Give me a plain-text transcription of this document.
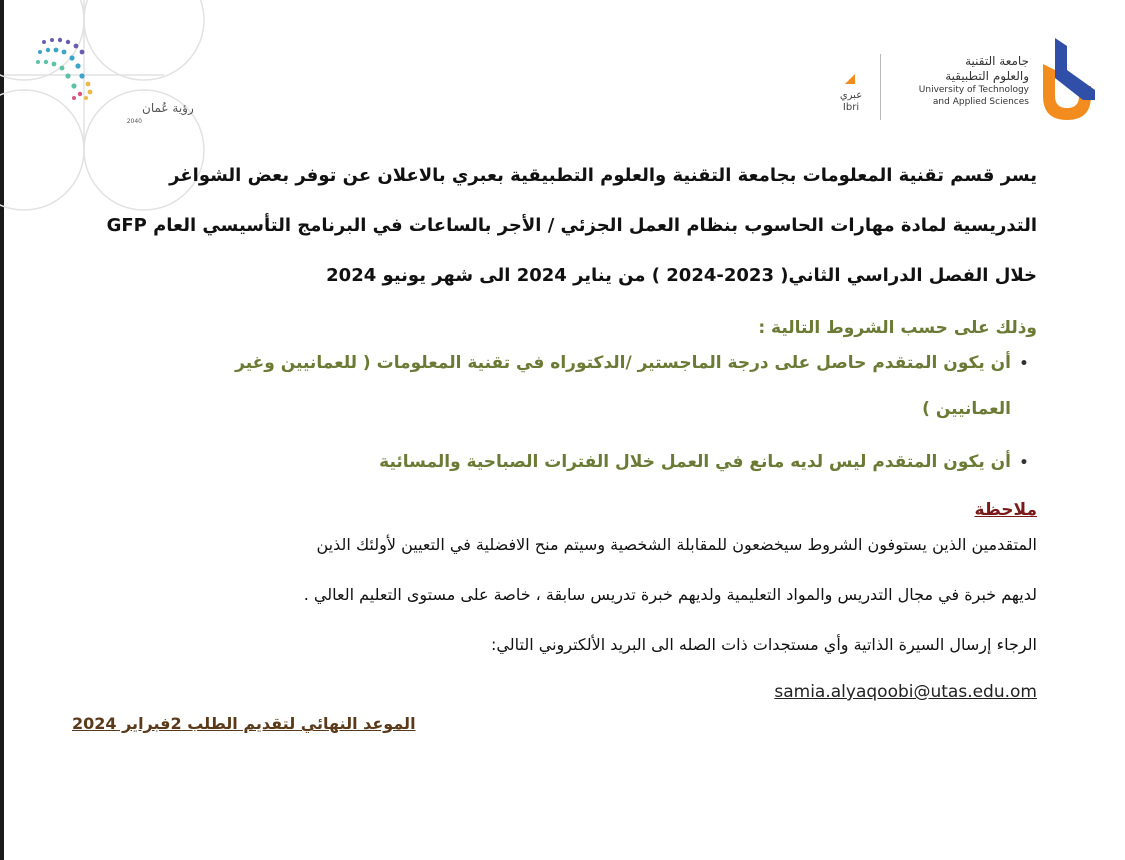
رؤية عُمان
2040
جامعة التقنية
والعلوم التطبيقية
University of Technology
and Applied Sciences
عبري
Ibri
يسر قسم تقنية المعلومات بجامعة التقنية والعلوم التطبيقية بعبري بالاعلان عن توفر بعض الشواغر
التدريسية لمادة مهارات الحاسوب بنظام العمل الجزئي / الأجر بالساعات في البرنامج التأسيسي العام GFP
خلال الفصل الدراسي الثاني( 2023-2024 ) من يناير 2024 الى شهر يونيو 2024
وذلك على حسب الشروط التالية :
•أن يكون المتقدم حاصل على درجة الماجستير /الدكتوراه في تقنية المعلومات ( للعمانيين وغير
العمانيين )
•أن يكون المتقدم ليس لديه مانع في العمل خلال الفترات الصباحية والمسائية
ملاحظة
المتقدمين الذين يستوفون الشروط سيخضعون للمقابلة الشخصية وسيتم منح الافضلية في التعيين لأولئك الذين
لديهم خبرة في مجال التدريس والمواد التعليمية ولديهم خبرة تدريس سابقة ، خاصة على مستوى التعليم العالي .
الرجاء إرسال السيرة الذاتية وأي مستجدات ذات الصله الى البريد الألكتروني التالي:
samia.alyaqoobi@utas.edu.om
الموعد النهائي لتقديم الطلب 2فبراير 2024
